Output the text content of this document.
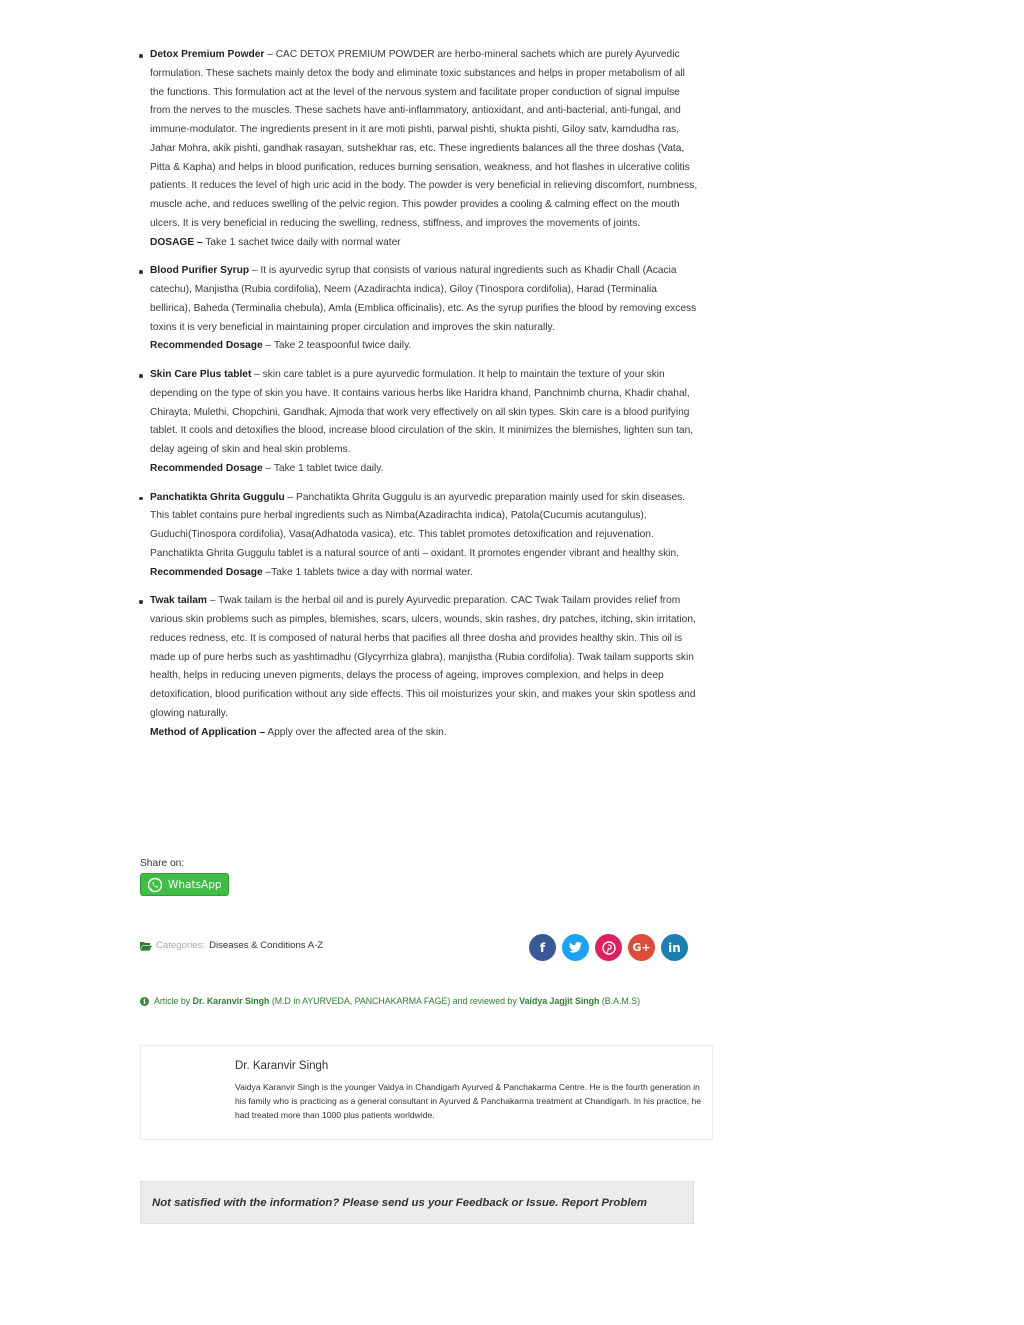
Detox Premium Powder – CAC DETOX PREMIUM POWDER are herbo-mineral sachets which are purely Ayurvedic formulation. These sachets mainly detox the body and eliminate toxic substances and helps in proper metabolism of all the functions. This formulation act at the level of the nervous system and facilitate proper conduction of signal impulse from the nerves to the muscles. These sachets have anti-inflammatory, antioxidant, and anti-bacterial, anti-fungal, and immune-modulator. The ingredients present in it are moti pishti, parwal pishti, shukta pishti, Giloy satv, kamdudha ras, Jahar Mohra, akik pishti, gandhak rasayan, sutshekhar ras, etc. These ingredients balances all the three doshas (Vata, Pitta & Kapha) and helps in blood purification, reduces burning sensation, weakness, and hot flashes in ulcerative colitis patients. It reduces the level of high uric acid in the body. The powder is very beneficial in relieving discomfort, numbness, muscle ache, and reduces swelling of the pelvic region. This powder provides a cooling & calming effect on the mouth ulcers. It is very beneficial in reducing the swelling, redness, stiffness, and improves the movements of joints.

DOSAGE – Take 1 sachet twice daily with normal water

Blood Purifier Syrup – It is ayurvedic syrup that consists of various natural ingredients such as Khadir Chall (Acacia catechu), Manjistha (Rubia cordifolia), Neem (Azadirachta indica), Giloy (Tinospora cordifolia), Harad (Terminalia bellirica), Baheda (Terminalia chebula), Amla (Emblica officinalis), etc. As the syrup purifies the blood by removing excess toxins it is very beneficial in maintaining proper circulation and improves the skin naturally.

Recommended Dosage – Take 2 teaspoonful twice daily.

Skin Care Plus tablet – skin care tablet is a pure ayurvedic formulation. It help to maintain the texture of your skin depending on the type of skin you have. It contains various herbs like Haridra khand, Panchnimb churna, Khadir chahal, Chirayta, Mulethi, Chopchini, Gandhak, Ajmoda that work very effectively on all skin types. Skin care is a blood purifying tablet. It cools and detoxifies the blood, increase blood circulation of the skin. It minimizes the blemishes, lighten sun tan, delay ageing of skin and heal skin problems.

Recommended Dosage – Take 1 tablet twice daily.

Panchatikta Ghrita Guggulu – Panchatikta Ghrita Guggulu is an ayurvedic preparation mainly used for skin diseases. This tablet contains pure herbal ingredients such as Nimba(Azadirachta indica), Patola(Cucumis acutangulus), Guduchi(Tinospora cordifolia), Vasa(Adhatoda vasica), etc. This tablet promotes detoxification and rejuvenation. Panchatikta Ghrita Guggulu tablet is a natural source of anti – oxidant. It promotes engender vibrant and healthy skin.

Recommended Dosage –Take 1 tablets twice a day with normal water.

Twak tailam – Twak tailam is the herbal oil and is purely Ayurvedic preparation. CAC Twak Tailam provides relief from various skin problems such as pimples, blemishes, scars, ulcers, wounds, skin rashes, dry patches, itching, skin irritation, reduces redness, etc. It is composed of natural herbs that pacifies all three dosha and provides healthy skin. This oil is made up of pure herbs such as yashtimadhu (Glycyrrhiza glabra), manjistha (Rubia cordifolia). Twak tailam supports skin health, helps in reducing uneven pigments, delays the process of ageing, improves complexion, and helps in deep detoxification, blood purification without any side effects. This oil moisturizes your skin, and makes your skin spotless and glowing naturally.

Method of Application – Apply over the affected area of the skin.

Share on:
WhatsApp
Categories: Diseases & Conditions A-Z	f	G+ in
i Article by Dr. Karanvir Singh (M.D in AYURVEDA, PANCHAKARMA FAGE) and reviewed by Vaidya Jagjit Singh (B.A.M.S)
Dr. Karanvir Singh
Vaidya Karanvir Singh is the younger Vaidya in Chandigarh Ayurved & Panchakarma Centre. He is the fourth generation in his family who is practicing as a general consultant in Ayurved & Panchakarma treatment at Chandigarh. In his practice, he had treated more than 1000 plus patients worldwide.
Not satisfied with the information? Please send us your Feedback or Issue.
Report Problem
